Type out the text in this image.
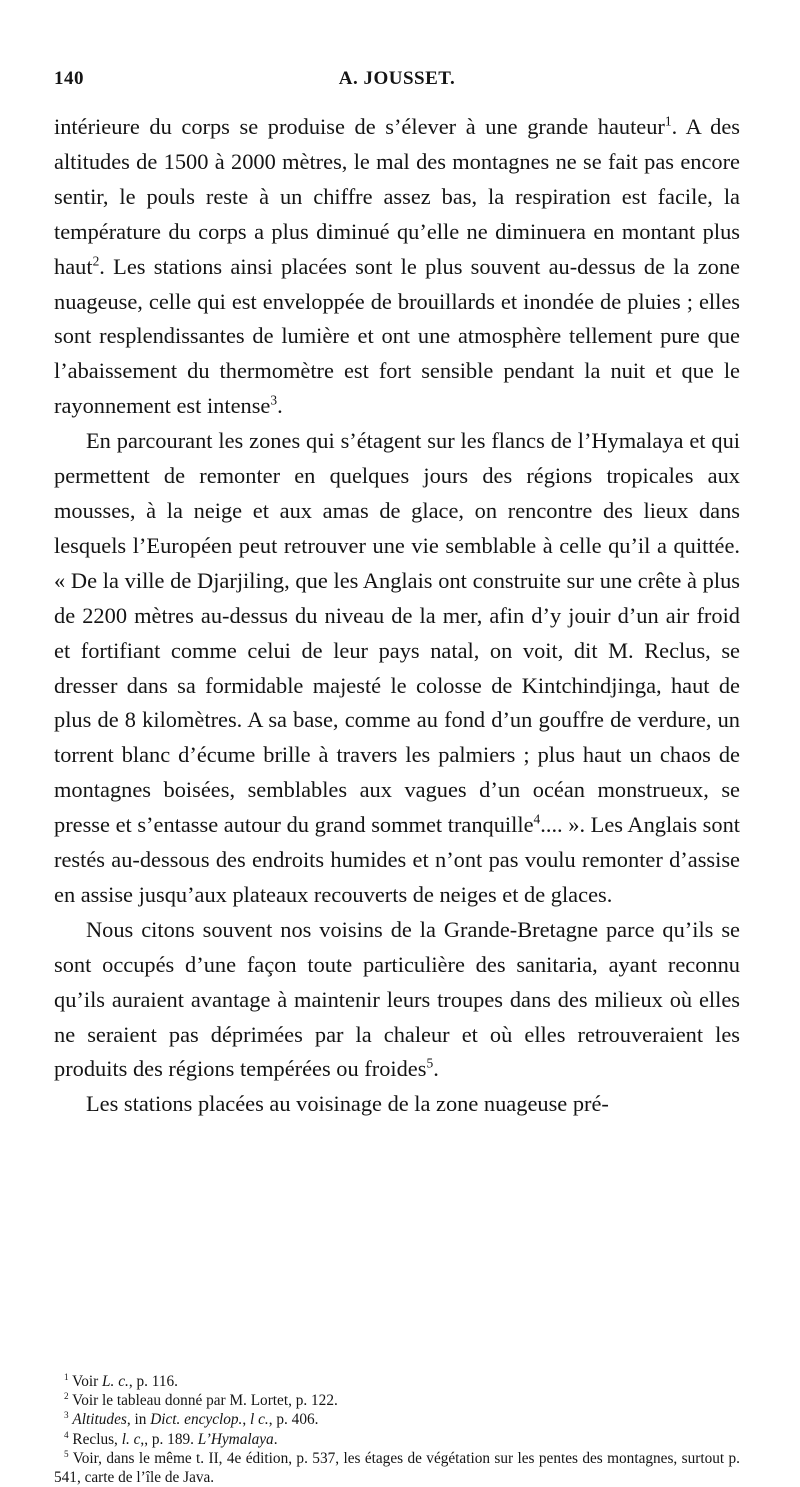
140	A. JOUSSET.

intérieure du corps se produise de s’élever à une grande hauteur$^1$. A des altitudes de 1500 à 2000 mètres, le mal des montagnes ne se fait pas encore sentir, le pouls reste à un chiffre assez bas, la respiration est facile, la température du corps a plus diminué qu’elle ne diminuera en montant plus haut$^2$. Les stations ainsi placées sont le plus souvent au-dessus de la zone nuageuse, celle qui est enveloppée de brouillards et inondée de pluies ; elles sont resplendissantes de lumière et ont une atmosphère tellement pure que l’abaissement du thermomètre est fort sensible pendant la nuit et que le rayonnement est intense$^3$.

En parcourant les zones qui s’étagent sur les flancs de l’Hymalaya et qui permettent de remonter en quelques jours des régions tropicales aux mousses, à la neige et aux amas de glace, on rencontre des lieux dans lesquels l’Européen peut retrouver une vie semblable à celle qu’il a quittée. « De la ville de Djarjiling, que les Anglais ont construite sur une crête à plus de 2200 mètres au-dessus du niveau de la mer, afin d’y jouir d’un air froid et fortifiant comme celui de leur pays natal, on voit, dit M. Reclus, se dresser dans sa formidable majesté le colosse de Kintchindjinga, haut de plus de 8 kilomètres. A sa base, comme au fond d’un gouffre de verdure, un torrent blanc d’écume brille à travers les palmiers ; plus haut un chaos de montagnes boisées, semblables aux vagues d’un océan monstrueux, se presse et s’entasse autour du grand sommet tranquille$^4$.... ». Les Anglais sont restés au-dessous des endroits humides et n’ont pas voulu remonter d’assise en assise jusqu’aux plateaux recouverts de neiges et de glaces.

Nous citons souvent nos voisins de la Grande-Bretagne parce qu’ils se sont occupés d’une façon toute particulière des sanitaria, ayant reconnu qu’ils auraient avantage à maintenir leurs troupes dans des milieux où elles ne seraient pas déprimées par la chaleur et où elles retrouveraient les produits des régions tempérées ou froides$^5$.

Les stations placées au voisinage de la zone nuageuse pré-

$^1$ Voir L. c., p. 116.

$^2$ Voir le tableau donné par M. Lortet, p. 122.

$^3$ Altitudes, in Dict. encyclop., l c., p. 406.

$^4$ Reclus, l. c,, p. 189. L’Hymalaya.

$^5$ Voir, dans le même t. II, 4e édition, p. 537, les étages de végétation sur les pentes des montagnes, surtout p. 541, carte de l’île de Java.
